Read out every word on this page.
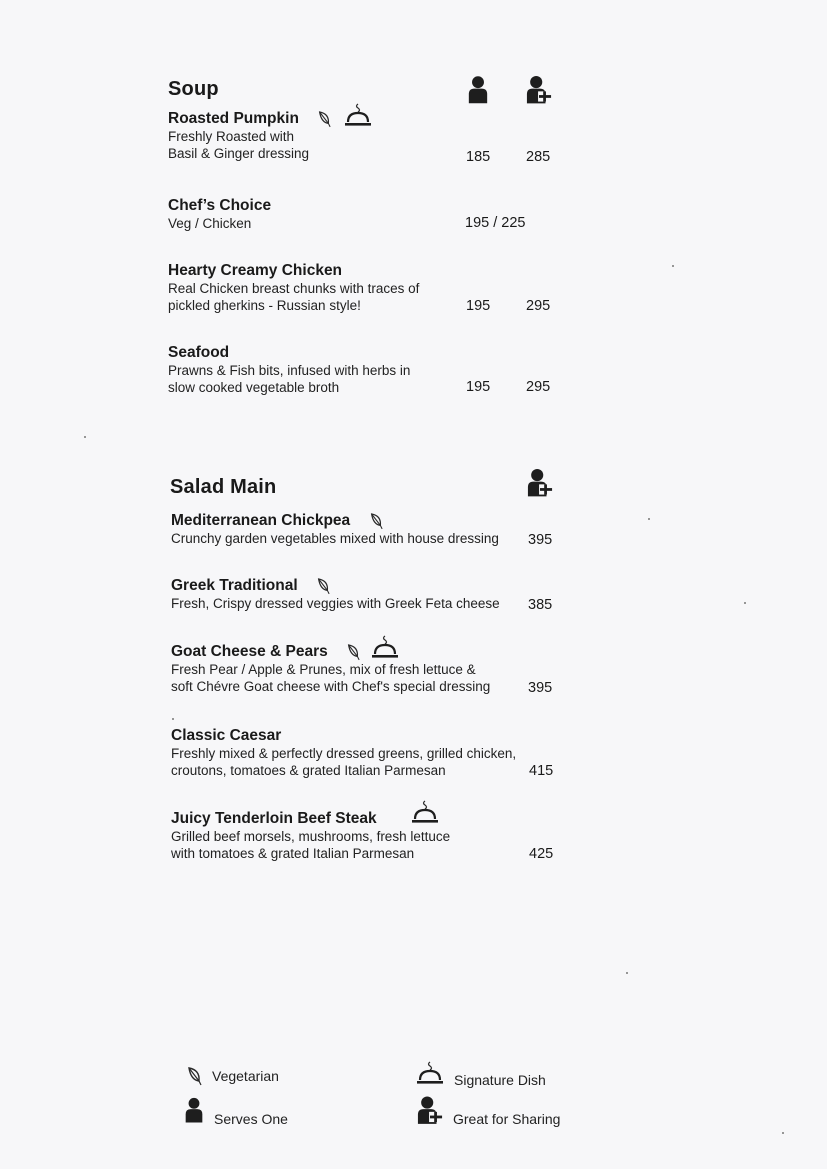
Soup
Roasted Pumpkin
Freshly Roasted with
Basil & Ginger dressing	185 285
Chef’s Choice
Veg / Chicken	195 / 225
Hearty Creamy Chicken
Real Chicken breast chunks with traces of
pickled gherkins - Russian style!	195 295
Seafood
Prawns & Fish bits, infused with herbs in
slow cooked vegetable broth	195 295
Salad Main
Mediterranean Chickpea
Crunchy garden vegetables mixed with house dressing 395
Greek Traditional
Fresh, Crispy dressed veggies with Greek Feta cheese 385
Goat Cheese & Pears
Fresh Pear / Apple & Prunes, mix of fresh lettuce &
soft Chévre Goat cheese with Chef's special dressing	395
Classic Caesar
Freshly mixed & perfectly dressed greens, grilled chicken,
croutons, tomatoes & grated Italian Parmesan	415
Juicy Tenderloin Beef Steak
Grilled beef morsels, mushrooms, fresh lettuce
with tomatoes & grated Italian Parmesan	425
Vegetarian	Signature Dish
Serves One	Great for Sharing
